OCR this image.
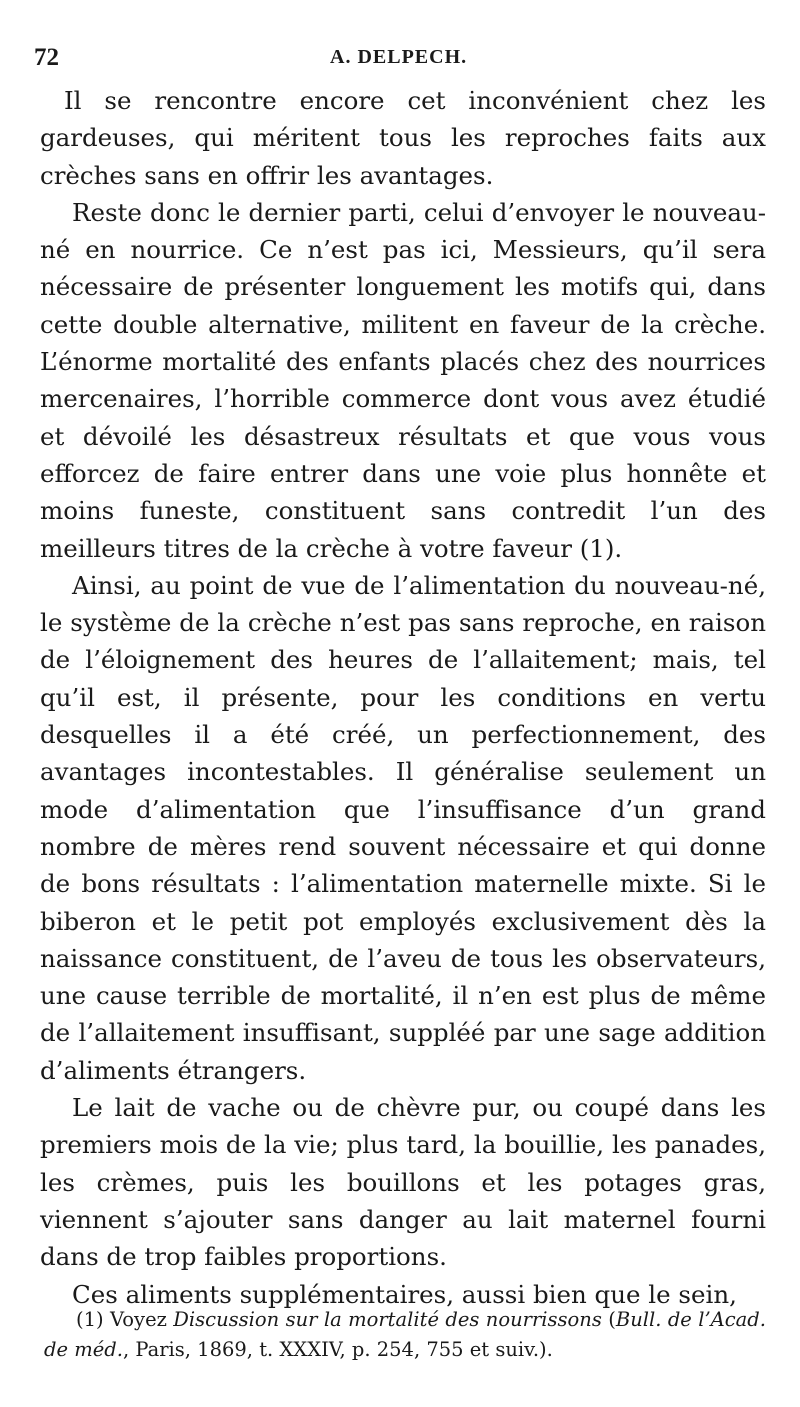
72	A. DELPECH.

Il se rencontre encore cet inconvénient chez les gardeuses, qui méritent tous les reproches faits aux crèches sans en offrir les avantages.

Reste donc le dernier parti, celui d’envoyer le nouveau-né en nourrice. Ce n’est pas ici, Messieurs, qu’il sera nécessaire de présenter longuement les motifs qui, dans cette double alternative, militent en faveur de la crèche. L’énorme mortalité des enfants placés chez des nourrices mercenaires, l’horrible commerce dont vous avez étudié et dévoilé les désastreux résultats et que vous vous efforcez de faire entrer dans une voie plus honnête et moins funeste, constituent sans contredit l’un des meilleurs titres de la crèche à votre faveur (1).

Ainsi, au point de vue de l’alimentation du nouveau-né, le système de la crèche n’est pas sans reproche, en raison de l’éloignement des heures de l’allaitement; mais, tel qu’il est, il présente, pour les conditions en vertu desquelles il a été créé, un perfectionnement, des avantages incontestables. Il généralise seulement un mode d’alimentation que l’insuffisance d’un grand nombre de mères rend souvent nécessaire et qui donne de bons résultats : l’alimentation maternelle mixte. Si le biberon et le petit pot employés exclusivement dès la naissance constituent, de l’aveu de tous les observateurs, une cause terrible de mortalité, il n’en est plus de même de l’allaitement insuffisant, suppléé par une sage addition d’aliments étrangers.

Le lait de vache ou de chèvre pur, ou coupé dans les premiers mois de la vie; plus tard, la bouillie, les panades, les crèmes, puis les bouillons et les potages gras, viennent s’ajouter sans danger au lait maternel fourni dans de trop faibles proportions.

Ces aliments supplémentaires, aussi bien que le sein,

(1) Voyez Discussion sur la mortalité des nourrissons (Bull. de l’Acad. de méd., Paris, 1869, t. XXXIV, p. 254, 755 et suiv.).
